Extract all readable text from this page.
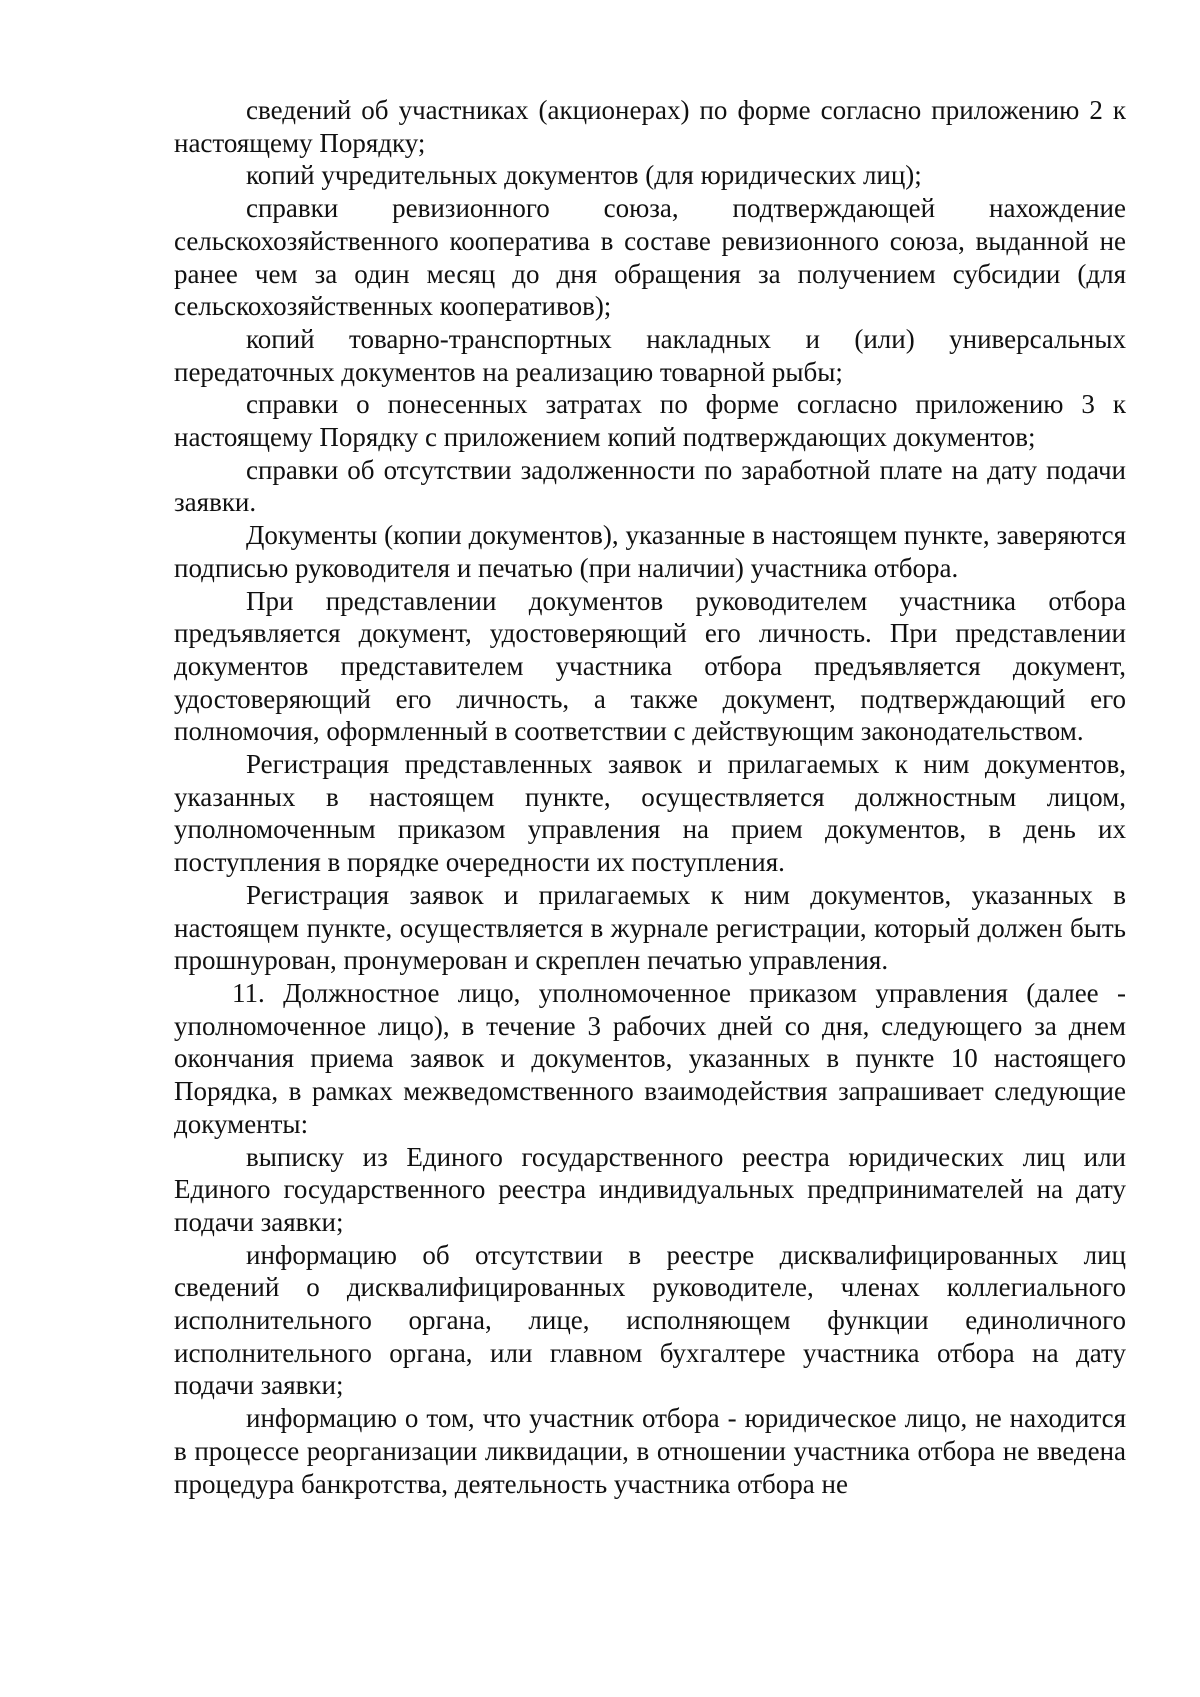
сведений об участниках (акционерах) по форме согласно приложению 2 к настоящему Порядку;

копий учредительных документов (для юридических лиц);

справки ревизионного союза, подтверждающей нахождение сельскохозяйственного кооператива в составе ревизионного союза, выданной не ранее чем за один месяц до дня обращения за получением субсидии (для сельскохозяйственных кооперативов);

копий товарно-транспортных накладных и (или) универсальных передаточных документов на реализацию товарной рыбы;

справки о понесенных затратах по форме согласно приложению 3 к настоящему Порядку с приложением копий подтверждающих документов;

справки об отсутствии задолженности по заработной плате на дату подачи заявки.

Документы (копии документов), указанные в настоящем пункте, заверяются подписью руководителя и печатью (при наличии) участника отбора.

При представлении документов руководителем участника отбора предъявляется документ, удостоверяющий его личность. При представлении документов представителем участника отбора предъявляется документ, удостоверяющий его личность, а также документ, подтверждающий его полномочия, оформленный в соответствии с действующим законодательством.

Регистрация представленных заявок и прилагаемых к ним документов, указанных в настоящем пункте, осуществляется должностным лицом, уполномоченным приказом управления на прием документов, в день их поступления в порядке очередности их поступления.

Регистрация заявок и прилагаемых к ним документов, указанных в настоящем пункте, осуществляется в журнале регистрации, который должен быть прошнурован, пронумерован и скреплен печатью управления.

11. Должностное лицо, уполномоченное приказом управления (далее - уполномоченное лицо), в течение 3 рабочих дней со дня, следующего за днем окончания приема заявок и документов, указанных в пункте 10 настоящего Порядка, в рамках межведомственного взаимодействия запрашивает следующие документы:

выписку из Единого государственного реестра юридических лиц или Единого государственного реестра индивидуальных предпринимателей на дату подачи заявки;

информацию об отсутствии в реестре дисквалифицированных лиц сведений о дисквалифицированных руководителе, членах коллегиального исполнительного органа, лице, исполняющем функции единоличного исполнительного органа, или главном бухгалтере участника отбора на дату подачи заявки;

информацию о том, что участник отбора - юридическое лицо, не находится в процессе реорганизации ликвидации, в отношении участника отбора не введена процедура банкротства, деятельность участника отбора не
